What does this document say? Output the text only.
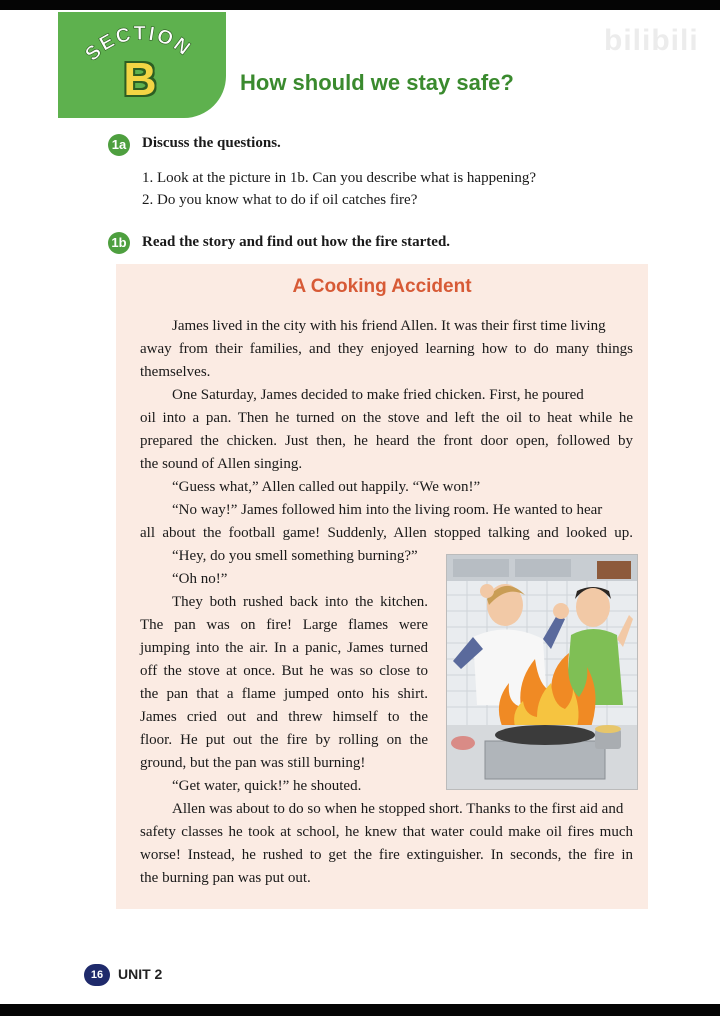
bilibili
SECTION
B	How should we stay safe?
1a Discuss the questions.
1. Look at the picture in 1b. Can you describe what is happening?
2. Do you know what to do if oil catches fire?
1b Read the story and find out how the fire started.
A Cooking Accident
James lived in the city with his friend Allen. It was their first time living
away from their families, and they enjoyed learning how to do many things
themselves.
One Saturday, James decided to make fried chicken. First, he poured
oil into a pan. Then he turned on the stove and left the oil to heat while he
prepared the chicken. Just then, he heard the front door open, followed by
the sound of Allen singing.
“Guess what,” Allen called out happily. “We won!”
“No way!” James followed him into the living room. He wanted to hear
all about the football game! Suddenly, Allen stopped talking and looked up.
“Hey, do you smell something burning?”
“Oh no!”
They both rushed back into the kitchen.
The pan was on fire! Large flames were
jumping into the air. In a panic, James turned
off the stove at once. But he was so close to
the pan that a flame jumped onto his shirt.
James cried out and threw himself to the
floor. He put out the fire by rolling on the
ground, but the pan was still burning!
“Get water, quick!” he shouted.
Allen was about to do so when he stopped short. Thanks to the first aid and
safety classes he took at school, he knew that water could make oil fires much
worse! Instead, he rushed to get the fire extinguisher. In seconds, the fire in
the burning pan was put out.
16	UNIT 2
